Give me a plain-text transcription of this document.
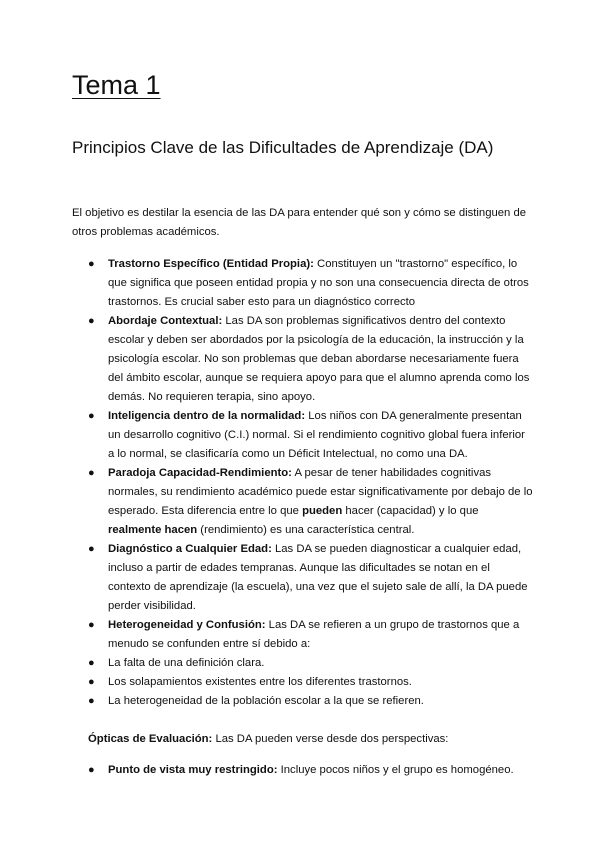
Tema 1
Principios Clave de las Dificultades de Aprendizaje (DA)

El objetivo es destilar la esencia de las DA para entender qué son y cómo se distinguen de otros problemas académicos.

● Trastorno Específico (Entidad Propia): Constituyen un "trastorno" específico, lo que significa que poseen entidad propia y no son una consecuencia directa de otros trastornos. Es crucial saber esto para un diagnóstico correcto
● Abordaje Contextual: Las DA son problemas significativos dentro del contexto escolar y deben ser abordados por la psicología de la educación, la instrucción y la psicología escolar. No son problemas que deban abordarse necesariamente fuera del ámbito escolar, aunque se requiera apoyo para que el alumno aprenda como los demás. No requieren terapia, sino apoyo.
● Inteligencia dentro de la normalidad: Los niños con DA generalmente presentan un desarrollo cognitivo (C.I.) normal. Si el rendimiento cognitivo global fuera inferior a lo normal, se clasificaría como un Déficit Intelectual, no como una DA.
● Paradoja Capacidad-Rendimiento: A pesar de tener habilidades cognitivas normales, su rendimiento académico puede estar significativamente por debajo de lo esperado. Esta diferencia entre lo que pueden hacer (capacidad) y lo que realmente hacen (rendimiento) es una característica central.
● Diagnóstico a Cualquier Edad: Las DA se pueden diagnosticar a cualquier edad, incluso a partir de edades tempranas. Aunque las dificultades se notan en el contexto de aprendizaje (la escuela), una vez que el sujeto sale de allí, la DA puede perder visibilidad.
● Heterogeneidad y Confusión: Las DA se refieren a un grupo de trastornos que a menudo se confunden entre sí debido a:
● La falta de una definición clara.
● Los solapamientos existentes entre los diferentes trastornos.
● La heterogeneidad de la población escolar a la que se refieren.

Ópticas de Evaluación: Las DA pueden verse desde dos perspectivas:

● Punto de vista muy restringido: Incluye pocos niños y el grupo es homogéneo.
